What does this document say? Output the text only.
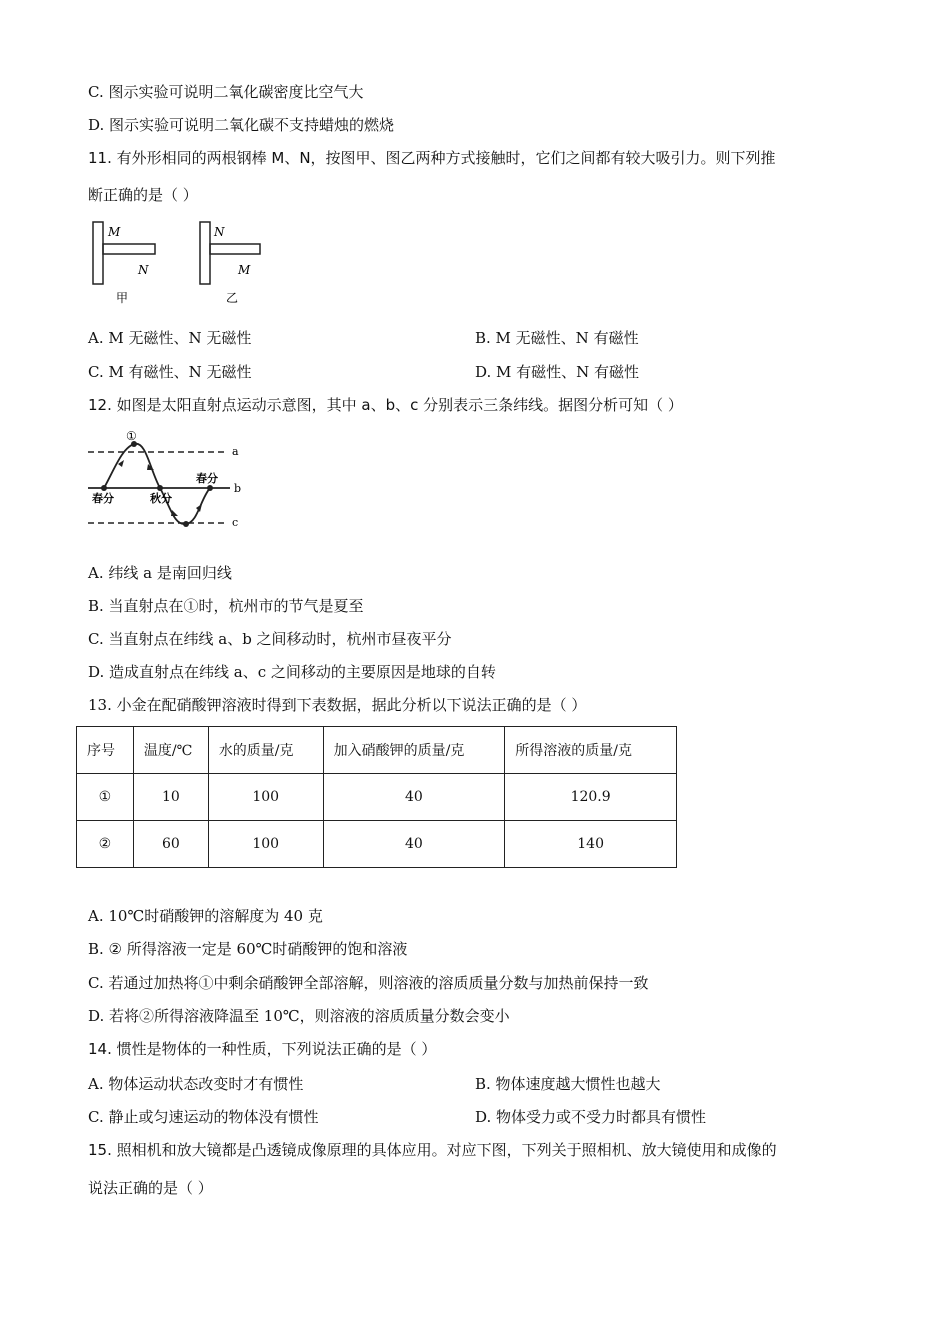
C. 图示实验可说明二氧化碳密度比空气大
D. 图示实验可说明二氧化碳不支持蜡烛的燃烧
11. 有外形相同的两根钢棒 M、N，按图甲、图乙两种方式接触时，它们之间都有较大吸引力。则下列推
断正确的是（ ）
M
N
甲
N
M
乙
A. M 无磁性、N 无磁性	B. M 无磁性、N 有磁性
C. M 有磁性、N 无磁性	D. M 有磁性、N 有磁性
12. 如图是太阳直射点运动示意图，其中 a、b、c 分别表示三条纬线。据图分析可知（ ）
a
b
c
①
春分	秋分
春分
A. 纬线 a 是南回归线
B. 当直射点在①时，杭州市的节气是夏至
C. 当直射点在纬线 a、b 之间移动时，杭州市昼夜平分
D. 造成直射点在纬线 a、c 之间移动的主要原因是地球的自转
13. 小金在配硝酸钾溶液时得到下表数据，据此分析以下说法正确的是（ ）
序号	温度/℃	水的质量/克	加入硝酸钾的质量/克	所得溶液的质量/克
①	10	100	40	120.9
②	60	100	40	140
A. 10℃时硝酸钾的溶解度为 40 克
B. ② 所得溶液一定是 60℃时硝酸钾的饱和溶液
C. 若通过加热将①中剩余硝酸钾全部溶解，则溶液的溶质质量分数与加热前保持一致
D. 若将②所得溶液降温至 10℃，则溶液的溶质质量分数会变小
14. 惯性是物体的一种性质，下列说法正确的是（ ）
A. 物体运动状态改变时才有惯性	B. 物体速度越大惯性也越大
C. 静止或匀速运动的物体没有惯性	D. 物体受力或不受力时都具有惯性
15. 照相机和放大镜都是凸透镜成像原理的具体应用。对应下图，下列关于照相机、放大镜使用和成像的
说法正确的是（ ）
